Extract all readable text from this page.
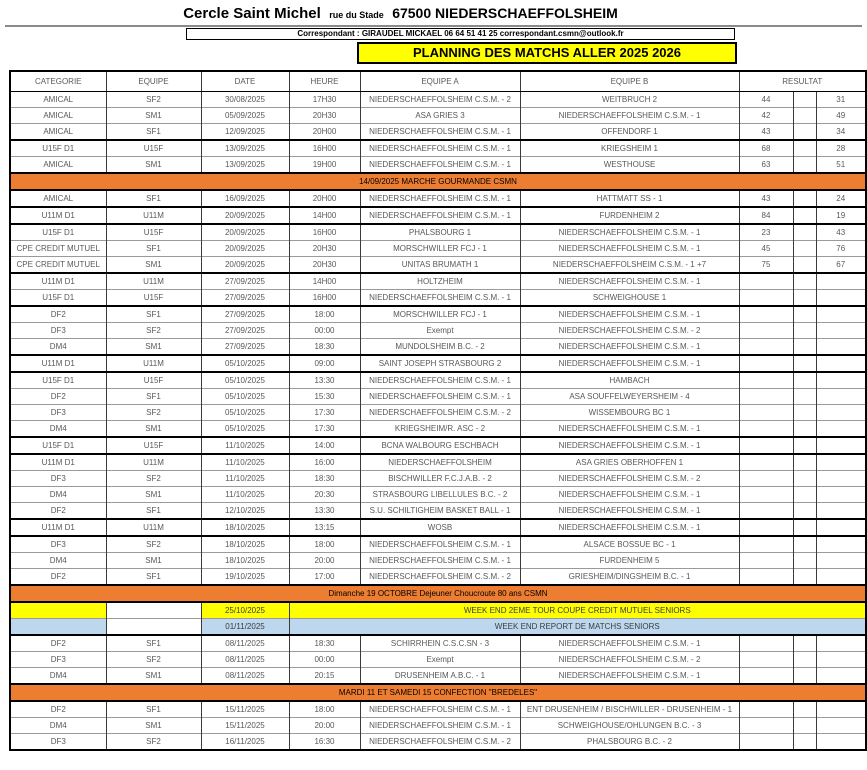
Cercle Saint Michel rue du Stade 67500 NIEDERSCHAEFFOLSHEIM
Correspondant : GIRAUDEL MICKAEL 06 64 51 41 25 correspondant.csmn@outlook.fr
PLANNING DES MATCHS ALLER 2025 2026
CATEGORIE	EQUIPE	DATE	HEURE	EQUIPE A	EQUIPE B	RESULTAT		
AMICAL	SF2	30/08/2025	17H30	NIEDERSCHAEFFOLSHEIM C.S.M. - 2	WEITBRUCH 2	44		31
AMICAL	SM1	05/09/2025	20H30	ASA GRIES 3	NIEDERSCHAEFFOLSHEIM C.S.M. - 1	42		49
AMICAL	SF1	12/09/2025	20H00	NIEDERSCHAEFFOLSHEIM C.S.M. - 1	OFFENDORF 1	43		34
U15F D1	U15F	13/09/2025	16H00	NIEDERSCHAEFFOLSHEIM C.S.M. - 1	KRIEGSHEIM 1	68		28
AMICAL	SM1	13/09/2025	19H00	NIEDERSCHAEFFOLSHEIM C.S.M. - 1	WESTHOUSE	63		51
14/09/2025 MARCHE GOURMANDE CSMN								
AMICAL	SF1	16/09/2025	20H00	NIEDERSCHAEFFOLSHEIM C.S.M. - 1	HATTMATT SS - 1	43		24
U11M D1	U11M	20/09/2025	14H00	NIEDERSCHAEFFOLSHEIM C.S.M. - 1	FURDENHEIM 2	84		19
U15F D1	U15F	20/09/2025	16H00	PHALSBOURG 1	NIEDERSCHAEFFOLSHEIM C.S.M. - 1	23		43
CPE CREDIT MUTUEL	SF1	20/09/2025	20H30	MORSCHWILLER FCJ - 1	NIEDERSCHAEFFOLSHEIM C.S.M. - 1	45		76
CPE CREDIT MUTUEL	SM1	20/09/2025	20H30	UNITAS BRUMATH 1	NIEDERSCHAEFFOLSHEIM C.S.M. - 1 +7	75		67
U11M D1	U11M	27/09/2025	14H00	HOLTZHEIM	NIEDERSCHAEFFOLSHEIM C.S.M. - 1			
U15F D1	U15F	27/09/2025	16H00	NIEDERSCHAEFFOLSHEIM C.S.M. - 1	SCHWEIGHOUSE 1			
DF2	SF1	27/09/2025	18:00	MORSCHWILLER FCJ - 1	NIEDERSCHAEFFOLSHEIM C.S.M. - 1			
DF3	SF2	27/09/2025	00:00	Exempt	NIEDERSCHAEFFOLSHEIM C.S.M. - 2			
DM4	SM1	27/09/2025	18:30	MUNDOLSHEIM B.C. - 2	NIEDERSCHAEFFOLSHEIM C.S.M. - 1			
U11M D1	U11M	05/10/2025	09:00	SAINT JOSEPH STRASBOURG 2	NIEDERSCHAEFFOLSHEIM C.S.M. - 1			
U15F D1	U15F	05/10/2025	13:30	NIEDERSCHAEFFOLSHEIM C.S.M. - 1	HAMBACH			
DF2	SF1	05/10/2025	15:30	NIEDERSCHAEFFOLSHEIM C.S.M. - 1	ASA SOUFFELWEYERSHEIM - 4			
DF3	SF2	05/10/2025	17:30	NIEDERSCHAEFFOLSHEIM C.S.M. - 2	WISSEMBOURG BC 1			
DM4	SM1	05/10/2025	17:30	KRIEGSHEIM/R. ASC - 2	NIEDERSCHAEFFOLSHEIM C.S.M. - 1			
U15F D1	U15F	11/10/2025	14:00	BCNA WALBOURG ESCHBACH	NIEDERSCHAEFFOLSHEIM C.S.M. - 1			
U11M D1	U11M	11/10/2025	16:00	NIEDERSCHAEFFOLSHEIM	ASA GRIES OBERHOFFEN 1			
DF3	SF2	11/10/2025	18:30	BISCHWILLER F.C.J.A.B. - 2	NIEDERSCHAEFFOLSHEIM C.S.M. - 2			
DM4	SM1	11/10/2025	20:30	STRASBOURG LIBELLULES B.C. - 2	NIEDERSCHAEFFOLSHEIM C.S.M. - 1			
DF2	SF1	12/10/2025	13:30	S.U. SCHILTIGHEIM BASKET BALL - 1	NIEDERSCHAEFFOLSHEIM C.S.M. - 1			
U11M D1	U11M	18/10/2025	13:15	WOSB	NIEDERSCHAEFFOLSHEIM C.S.M. - 1			
DF3	SF2	18/10/2025	18:00	NIEDERSCHAEFFOLSHEIM C.S.M. - 1	ALSACE BOSSUE BC - 1			
DM4	SM1	18/10/2025	20:00	NIEDERSCHAEFFOLSHEIM C.S.M. - 1	FURDENHEIM 5			
DF2	SF1	19/10/2025	17:00	NIEDERSCHAEFFOLSHEIM C.S.M. - 2	GRIESHEIM/DINGSHEIM B.C. - 1			
Dimanche 19 OCTOBRE Dejeuner Choucroute 80 ans CSMN								
		25/10/2025	WEEK END 2EME TOUR COUPE CREDIT MUTUEL SENIORS					
		01/11/2025	WEEK END REPORT DE MATCHS SENIORS					
DF2	SF1	08/11/2025	18:30	SCHIRRHEIN C.S.C.SN - 3	NIEDERSCHAEFFOLSHEIM C.S.M. - 1			
DF3	SF2	08/11/2025	00:00	Exempt	NIEDERSCHAEFFOLSHEIM C.S.M. - 2			
DM4	SM1	08/11/2025	20:15	DRUSENHEIM A.B.C. - 1	NIEDERSCHAEFFOLSHEIM C.S.M. - 1			
MARDI 11 ET SAMEDI 15 CONFECTION "BREDELES"								
DF2	SF1	15/11/2025	18:00	NIEDERSCHAEFFOLSHEIM C.S.M. - 1	ENT DRUSENHEIM / BISCHWILLER - DRUSENHEIM - 1			
DM4	SM1	15/11/2025	20:00	NIEDERSCHAEFFOLSHEIM C.S.M. - 1	SCHWEIGHOUSE/OHLUNGEN B.C. - 3			
DF3	SF2	16/11/2025	16:30	NIEDERSCHAEFFOLSHEIM C.S.M. - 2	PHALSBOURG B.C. - 2			
